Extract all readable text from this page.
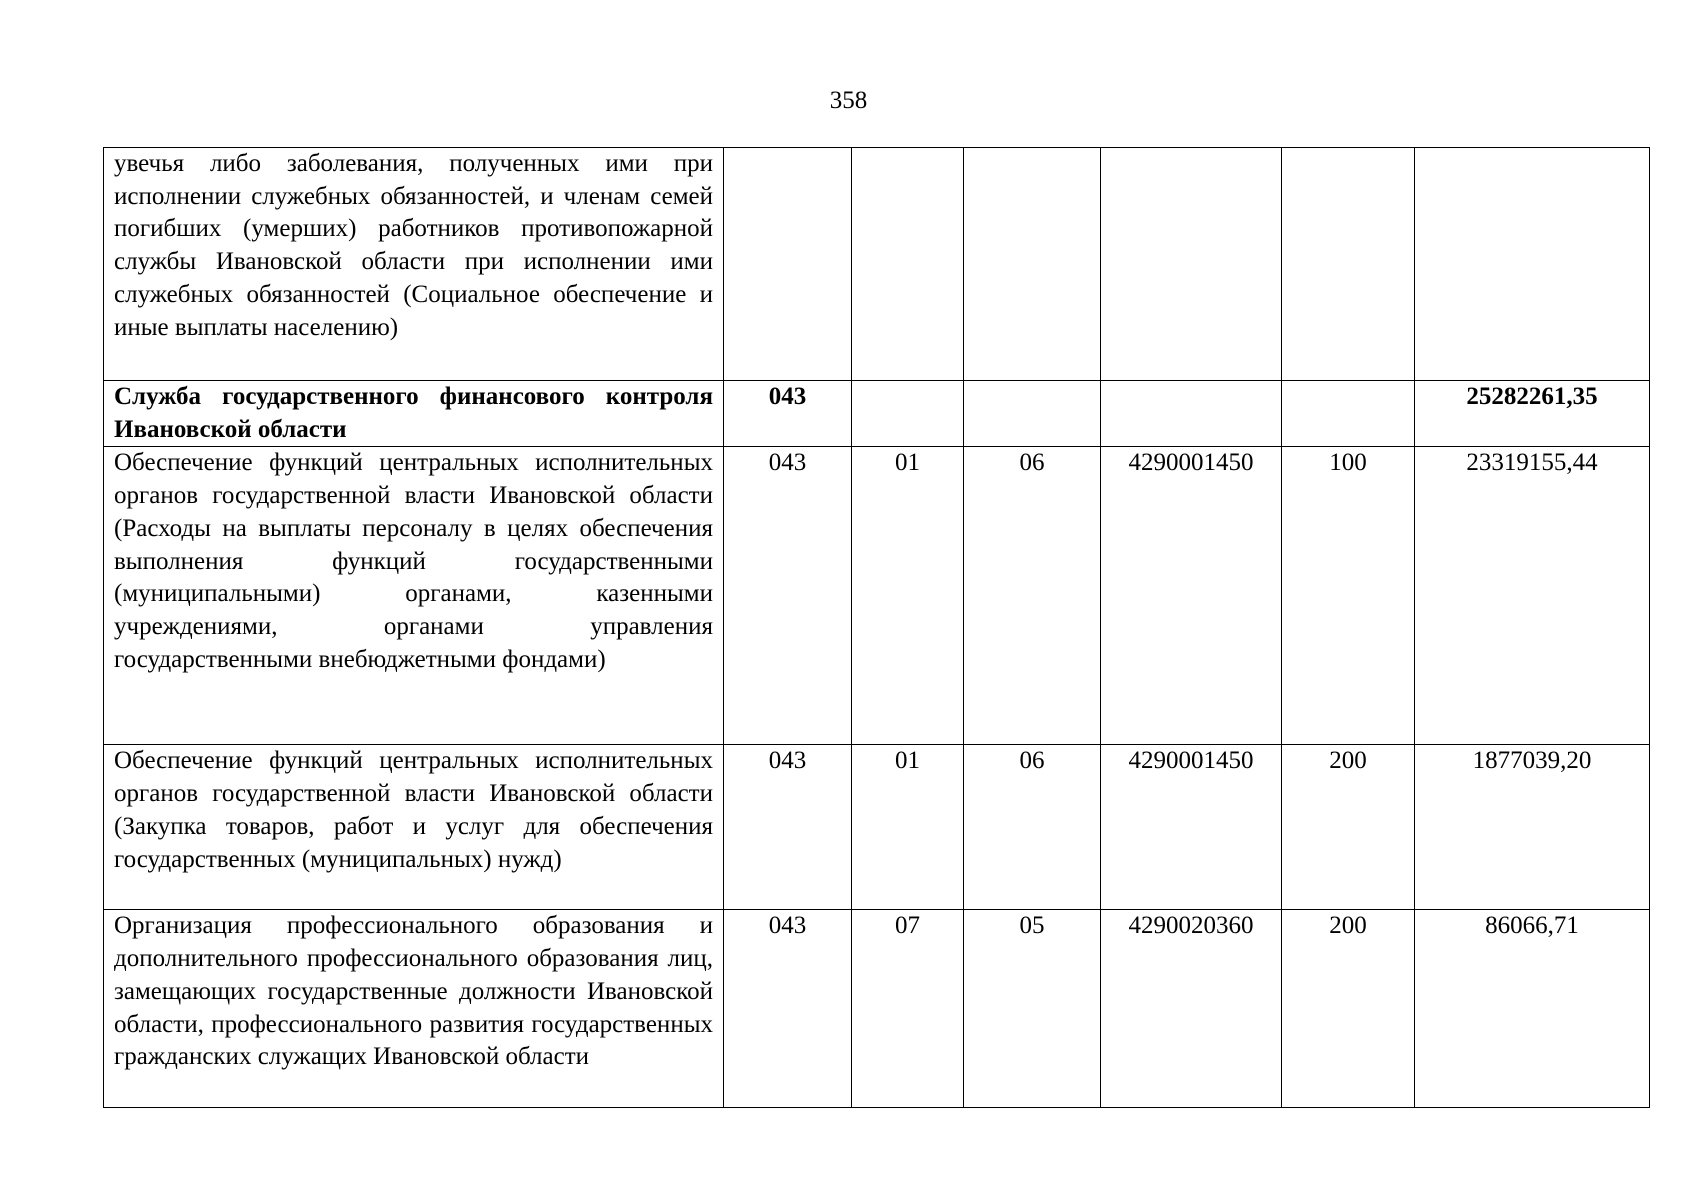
358
увечья либо заболевания, полученных ими при исполнении служебных обязанностей, и членам семей погибших (умерших) работников противопожарной службы Ивановской области при исполнении ими служебных обязанностей (Социальное обеспечение и иные выплаты населению)						
Служба государственного финансового контроля Ивановской области	043					25282261,35
Обеспечение функций центральных исполнительных органов государственной власти Ивановской области (Расходы на выплаты персоналу в целях обеспечения выполнения функций государственными (муниципальными) органами, казенными учреждениями, органами управления государственными внебюджетными фондами)	043	01	06	4290001450	100	23319155,44
Обеспечение функций центральных исполнительных органов государственной власти Ивановской области (Закупка товаров, работ и услуг для обеспечения государственных (муниципальных) нужд)	043	01	06	4290001450	200	1877039,20
Организация профессионального образования и дополнительного профессионального образования лиц, замещающих государственные должности Ивановской области, профессионального развития государственных гражданских служащих Ивановской области	043	07	05	4290020360	200	86066,71
